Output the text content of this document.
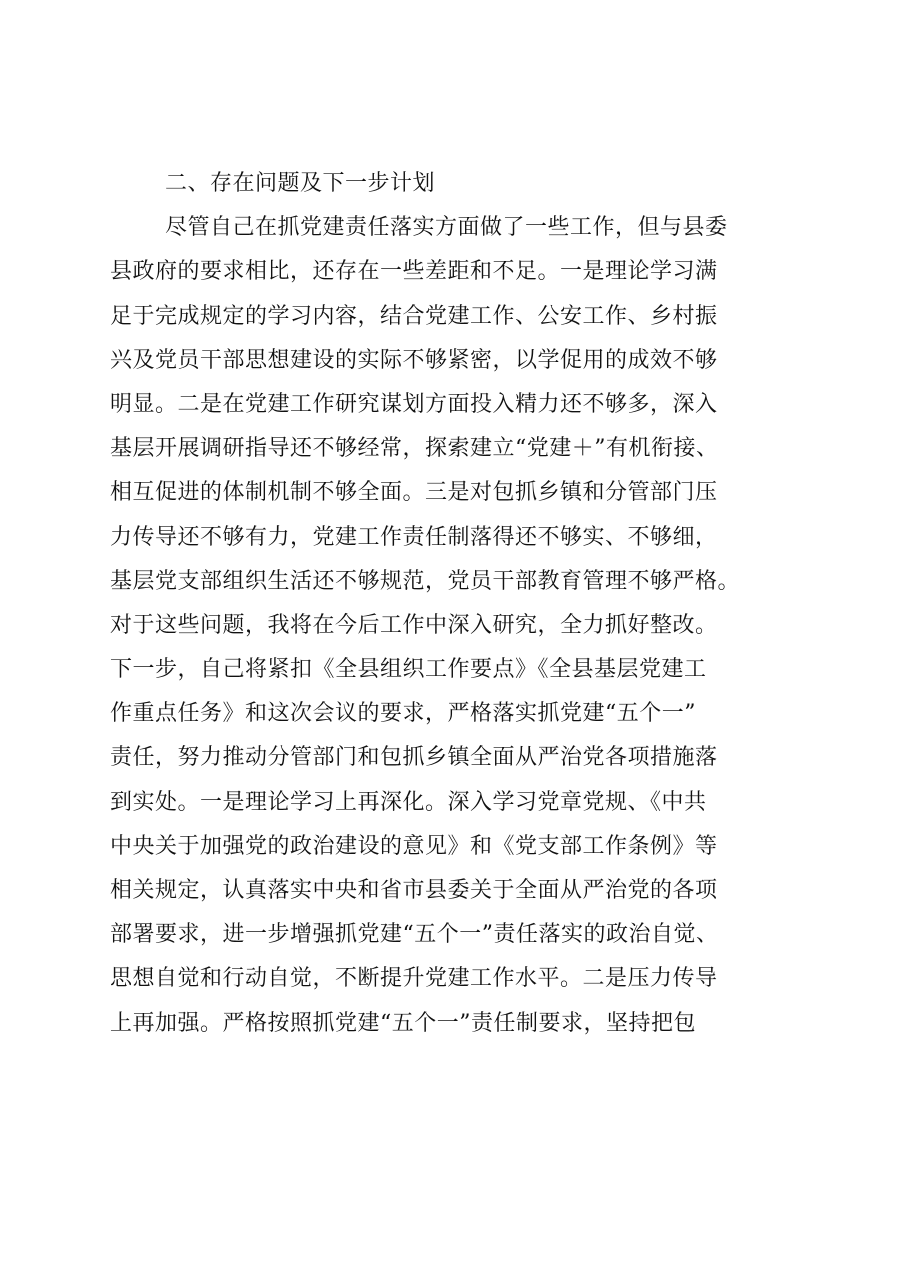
二、存在问题及下一步计划
尽管自己在抓党建责任落实方面做了一些工作，但与县委
县政府的要求相比，还存在一些差距和不足。一是理论学习满
足于完成规定的学习内容，结合党建工作、公安工作、乡村振
兴及党员干部思想建设的实际不够紧密，以学促用的成效不够
明显。二是在党建工作研究谋划方面投入精力还不够多，深入
基层开展调研指导还不够经常，探索建立“党建＋”有机衔接、
相互促进的体制机制不够全面。三是对包抓乡镇和分管部门压
力传导还不够有力，党建工作责任制落得还不够实、不够细，
基层党支部组织生活还不够规范，党员干部教育管理不够严格。
对于这些问题，我将在今后工作中深入研究，全力抓好整改。
下一步，自己将紧扣《全县组织工作要点》《全县基层党建工
作重点任务》和这次会议的要求，严格落实抓党建“五个一”
责任，努力推动分管部门和包抓乡镇全面从严治党各项措施落
到实处。一是理论学习上再深化。深入学习党章党规、《中共
中央关于加强党的政治建设的意见》和《党支部工作条例》等
相关规定，认真落实中央和省市县委关于全面从严治党的各项
部署要求，进一步增强抓党建“五个一”责任落实的政治自觉、
思想自觉和行动自觉，不断提升党建工作水平。二是压力传导
上再加强。严格按照抓党建“五个一”责任制要求，坚持把包
